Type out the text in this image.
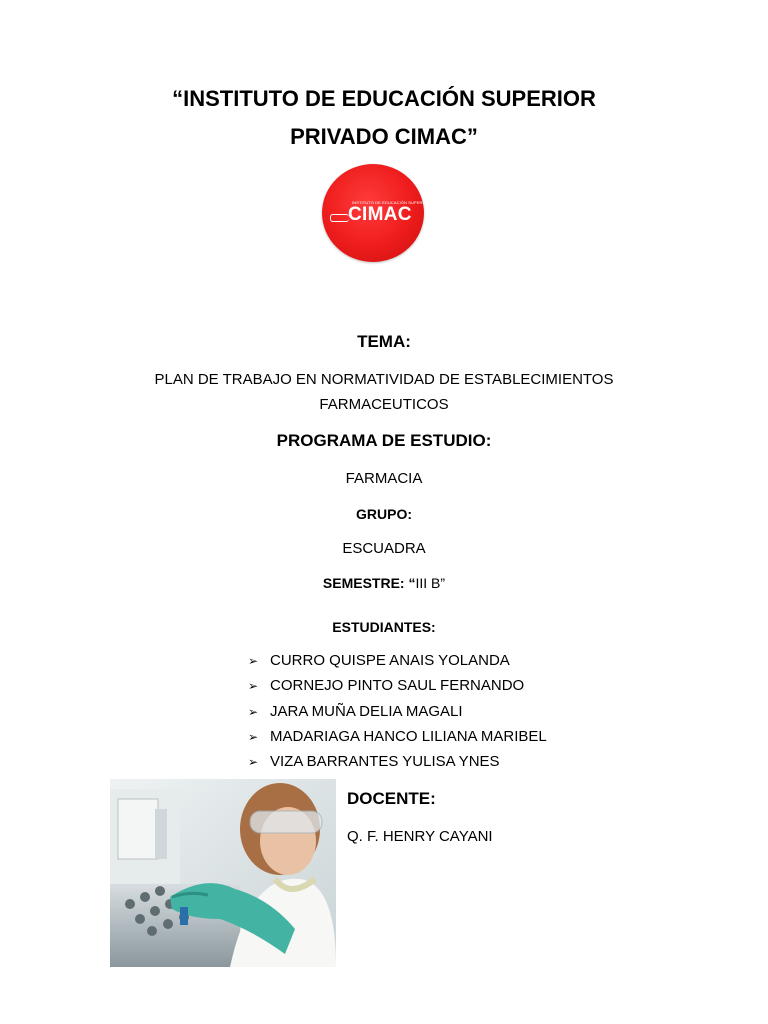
“INSTITUTO DE EDUCACIÓN SUPERIOR
PRIVADO CIMAC”
INSTITUTO DE EDUCACIÓN SUPERIOR
CIMAC
TEMA:
PLAN DE TRABAJO EN NORMATIVIDAD DE ESTABLECIMIENTOS
FARMACEUTICOS
PROGRAMA DE ESTUDIO:
FARMACIA
GRUPO:
ESCUADRA
SEMESTRE: “III B”
ESTUDIANTES:
➢ CURRO QUISPE ANAIS YOLANDA
➢ CORNEJO PINTO SAUL FERNANDO
➢ JARA MUÑA DELIA MAGALI
➢ MADARIAGA HANCO LILIANA MARIBEL
➢ VIZA BARRANTES YULISA YNES
DOCENTE:
Q. F. HENRY CAYANI
